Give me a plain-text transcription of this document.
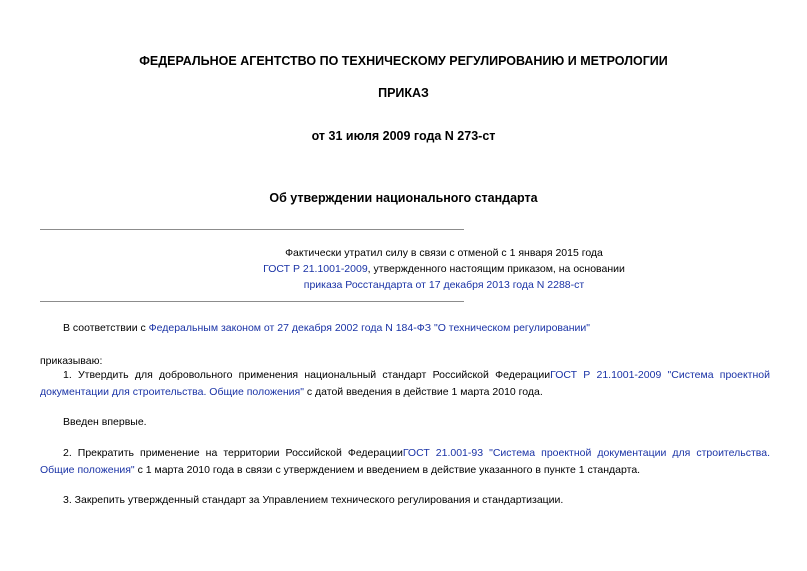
ФЕДЕРАЛЬНОЕ АГЕНТСТВО ПО ТЕХНИЧЕСКОМУ РЕГУЛИРОВАНИЮ И МЕТРОЛОГИИ
ПРИКАЗ
от 31 июля 2009 года N 273-ст
Об утверждении национального стандарта
Фактически утратил силу в связи с отменой с 1 января 2015 года
ГОСТ Р 21.1001-2009, утвержденного настоящим приказом, на основании
приказа Росстандарта от 17 декабря 2013 года N 2288-ст
В соответствии с Федеральным законом от 27 декабря 2002 года N 184-ФЗ "О техническом регулировании"
приказываю:
1. Утвердить для добровольного применения национальный стандарт Российской ФедерацииГОСТ Р 21.1001-2009 "Система проектной документации для строительства. Общие положения" с датой введения в действие 1 марта 2010 года.
Введен впервые.
2. Прекратить применение на территории Российской ФедерацииГОСТ 21.001-93 "Система проектной документации для строительства. Общие положения" с 1 марта 2010 года в связи с утверждением и введением в действие указанного в пункте 1 стандарта.
3. Закрепить утвержденный стандарт за Управлением технического регулирования и стандартизации.
